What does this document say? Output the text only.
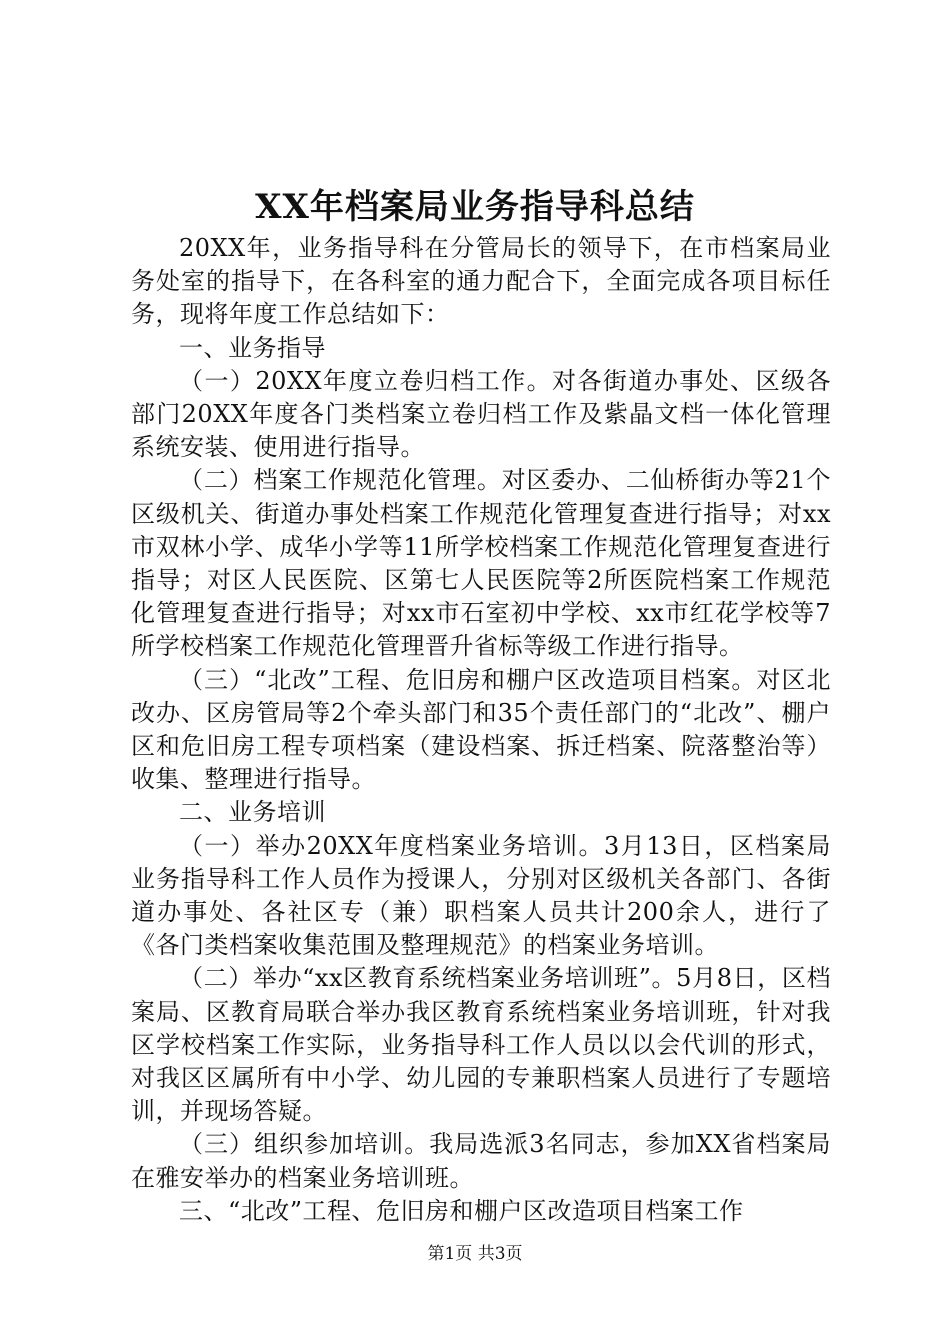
XX年档案局业务指导科总结

20XX年，业务指导科在分管局长的领导下，在市档案局业务处室的指导下，在各科室的通力配合下，全面完成各项目标任务，现将年度工作总结如下：

一、业务指导

（一）20XX年度立卷归档工作。对各街道办事处、区级各部门20XX年度各门类档案立卷归档工作及紫晶文档一体化管理系统安装、使用进行指导。

（二）档案工作规范化管理。对区委办、二仙桥街办等21个区级机关、街道办事处档案工作规范化管理复查进行指导；对xx市双林小学、成华小学等11所学校档案工作规范化管理复查进行指导；对区人民医院、区第七人民医院等2所医院档案工作规范化管理复查进行指导；对xx市石室初中学校、xx市红花学校等7所学校档案工作规范化管理晋升省标等级工作进行指导。

（三）“北改”工程、危旧房和棚户区改造项目档案。对区北改办、区房管局等2个牵头部门和35个责任部门的“北改”、棚户区和危旧房工程专项档案（建设档案、拆迁档案、院落整治等）收集、整理进行指导。

二、业务培训

（一）举办20XX年度档案业务培训。3月13日，区档案局业务指导科工作人员作为授课人，分别对区级机关各部门、各街道办事处、各社区专（兼）职档案人员共计200余人，进行了《各门类档案收集范围及整理规范》的档案业务培训。

（二）举办“xx区教育系统档案业务培训班”。5月8日，区档案局、区教育局联合举办我区教育系统档案业务培训班，针对我区学校档案工作实际，业务指导科工作人员以以会代训的形式，对我区区属所有中小学、幼儿园的专兼职档案人员进行了专题培训，并现场答疑。

（三）组织参加培训。我局选派3名同志，参加XX省档案局在雅安举办的档案业务培训班。

三、“北改”工程、危旧房和棚户区改造项目档案工作

第1页 共3页
